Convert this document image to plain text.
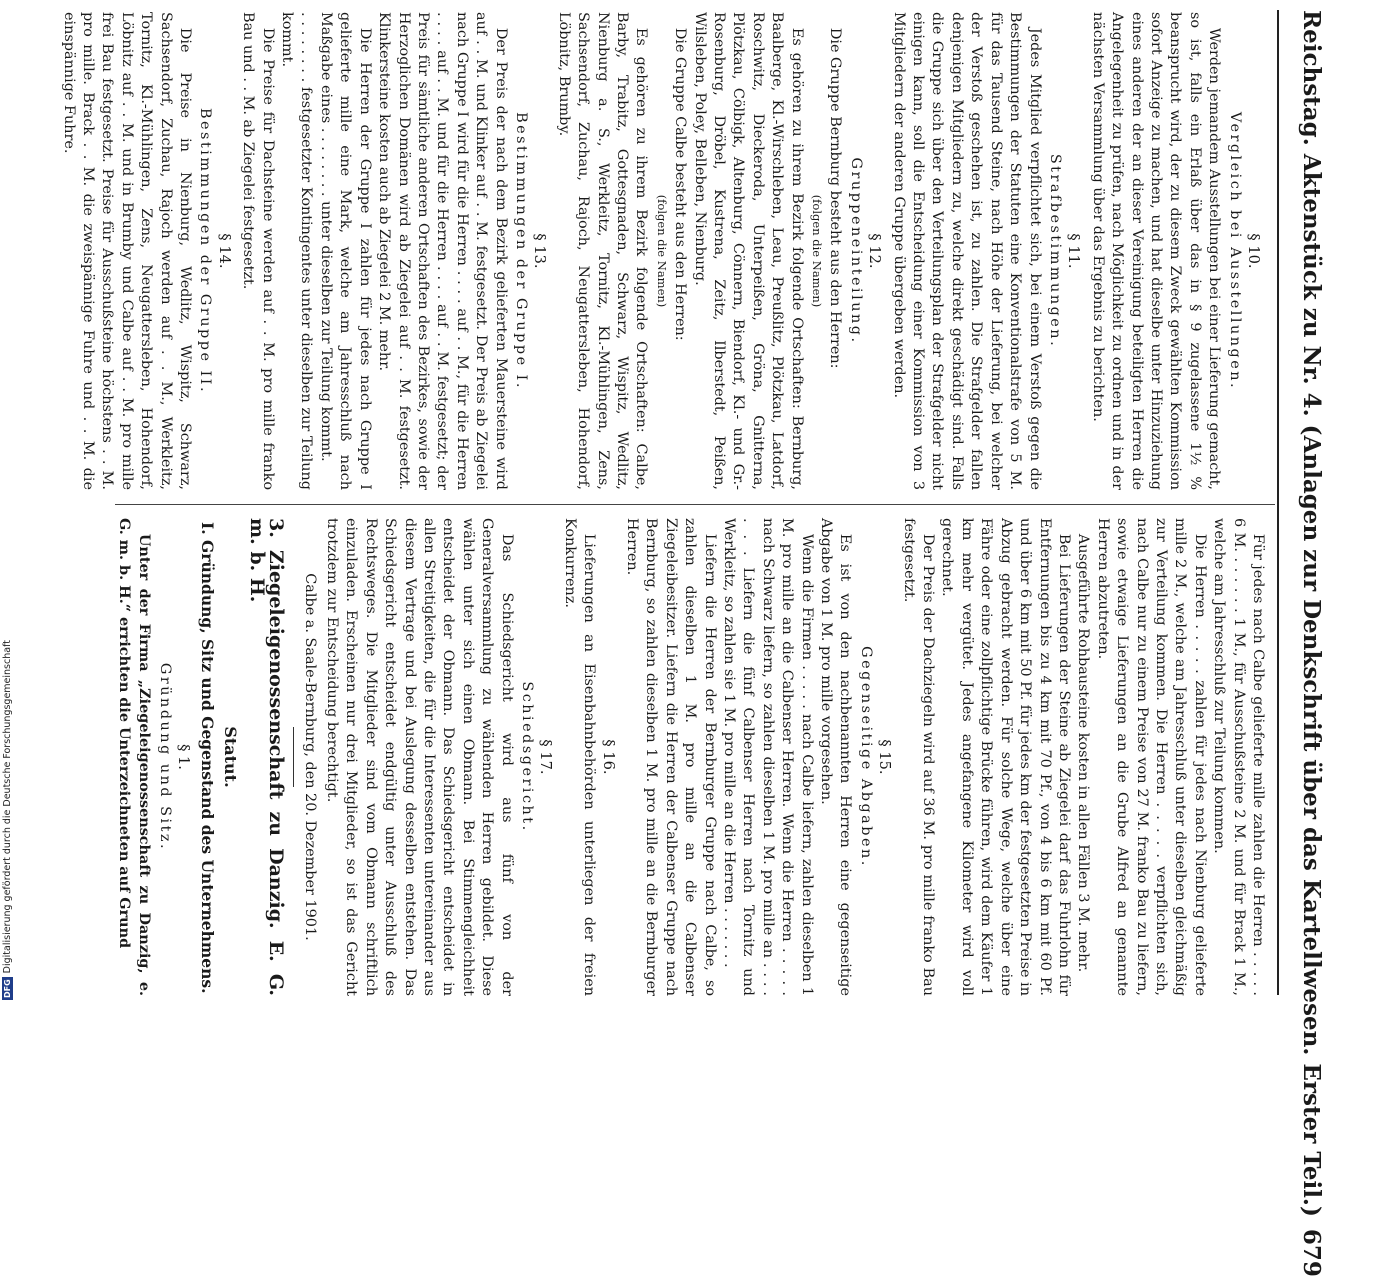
Reichstag. Aktenstück zu Nr. 4. (Anlagen zur Denkschrift über das Kartellwesen. Erster Teil.)
679
§ 10.
Vergleich bei Ausstellungen.

Werden jemandem Ausstellungen bei einer Lieferung gemacht, so ist, falls ein Erlaß über das in § 9 zugelassene 1½ % beansprucht wird, der zu diesem Zweck gewählten Kommission sofort Anzeige zu machen, und hat dieselbe unter Hinzuziehung eines anderen der an dieser Vereinigung beteiligten Herren die Angelegenheit zu prüfen, nach Möglichkeit zu ordnen und in der nächsten Versammlung über das Ergebnis zu berichten.

§ 11.
Strafbestimmungen.

Jedes Mitglied verpflichtet sich, bei einem Verstoß gegen die Bestimmungen der Statuten eine Konventionalstrafe von 5 M. für das Tausend Steine, nach Höhe der Lieferung, bei welcher der Verstoß geschehen ist, zu zahlen. Die Strafgelder fallen denjenigen Mitgliedern zu, welche direkt geschädigt sind. Falls die Gruppe sich über den Verteilungsplan der Strafgelder nicht einigen kann, soll die Entscheidung einer Kommission von 3 Mitgliedern der anderen Gruppe übergeben werden.

§ 12.
Gruppeneinteilung.

Die Gruppe Bernburg besteht aus den Herren:

(folgen die Namen)

Es gehören zu ihrem Bezirk folgende Ortschaften: Bernburg, Baalberge, Kl.-Wirschleben, Leau, Preußlitz, Plötzkau, Latdorf, Roschwitz, Dieckeroda, Unterpeißen, Gröna, Gnitterna, Plötzkau, Cölbigk, Altenburg, Cönnern, Biendorf, Kl.- und Gr.-Rosenburg, Dröbel, Kustrena, Zeitz, Ilberstedt, Peißen, Wilsleben, Poley, Belleben, Nienburg.

Die Gruppe Calbe besteht aus den Herren:

(folgen die Namen)

Es gehören zu ihrem Bezirk folgende Ortschaften: Calbe, Barby, Trabitz, Gottesgnaden, Schwarz, Wispitz, Wedlitz, Nienburg a. S., Werkleitz, Tornitz, Kl.-Mühlingen, Zens, Sachsendorf, Zuchau, Rajoch, Neugattersleben, Hohendorf, Löbnitz, Brumby.

§ 13.
Bestimmungen der Gruppe I.

Der Preis der nach dem Bezirk gelieferten Mauersteine wird auf . . M. und Klinker auf . . M. festgesetzt. Der Preis ab Ziegelei nach Gruppe I wird für die Herren . . . . auf . . M., für die Herren . . . . auf . . M. und für die Herren . . . . auf . . M. festgesetzt; der Preis für sämtliche anderen Ortschaften des Bezirkes, sowie der Herzoglichen Domänen wird ab Ziegelei auf . . M. festgesetzt. Klinkersteine kosten auch ab Ziegelei 2 M. mehr.

Die Herren der Gruppe I zahlen für jedes nach Gruppe I gelieferte mille eine Mark, welche am Jahresschluß nach Maßgabe eines . . . . . . . . unter dieselben zur Teilung kommt.

. . . . . . . . festgesetzter Kontingentes unter dieselben zur Teilung kommt.

Die Preise für Dachsteine werden auf . . M. pro mille franko Bau und . . M. ab Ziegelei festgesetzt.

§ 14.
Bestimmungen der Gruppe II.

Die Preise in Nienburg, Wedlitz, Wispitz, Schwarz, Sachsendorf, Zuchau, Rajoch werden auf . . M., Werkleitz, Tornitz, Kl.-Mühlingen, Zens, Neugattersleben, Hohendorf, Löbnitz auf . . M. und in Brumby und Calbe auf . . M. pro mille frei Bau festgesetzt. Preise für Ausschußsteine höchstens . . M. pro mille. Brack . . M. die zweispännige Fuhre und . . M. die einspännige Fuhre.

Für jedes nach Calbe gelieferte mille zahlen die Herren . . . . . 6 M. . . . . . . 1 M., für Ausschußsteine 2 M. und für Brack 1 M., welche am Jahresschluß zur Teilung kommen.

Die Herren . . . . . zahlen für jedes nach Nienburg gelieferte mille 2 M., welche am Jahresschluß unter dieselben gleichmäßig zur Verteilung kommen. Die Herren . . . . . verpflichten sich, nach Calbe nur zu einem Preise von 27 M. franko Bau zu liefern, sowie etwaige Lieferungen an die Grube Alfred an genannte Herren abzutreten.

Ausgeführte Rohbausteine kosten in allen Fällen 3 M. mehr.

Bei Lieferungen der Steine ab Ziegelei darf das Fuhrlohn für Entfernungen bis zu 4 km mit 70 Pf., von 4 bis 6 km mit 60 Pf. und über 6 km mit 50 Pf. für jedes km der festgesetzten Preise in Abzug gebracht werden. Für solche Wege, welche über eine Fähre oder eine zollpflichtige Brücke führen, wird dem Käufer 1 km mehr vergütet. Jedes angefangene Kilometer wird voll gerechnet.

Der Preis der Dachziegeln wird auf 36 M. pro mille franko Bau festgesetzt.

§ 15.
Gegenseitige Abgaben.

Es ist von den nachbenannten Herren eine gegenseitige Abgabe von 1 M. pro mille vorgesehen.

Wenn die Firmen . . . . . nach Calbe liefern, zahlen dieselben 1 M. pro mille an die Calbenser Herren. Wenn die Herren . . . . . nach Schwarz liefern, so zahlen dieselben 1 M. pro mille an . . . . . . . Liefern die fünf Calbenser Herren nach Tornitz und Werkleitz, so zahlen sie 1 M. pro mille an die Herren . . . . . . .

Liefern die Herren der Bernburger Gruppe nach Calbe, so zahlen dieselben 1 M. pro mille an die Calbenser Ziegeleibesitzer. Liefern die Herren der Calbenser Gruppe nach Bernburg, so zahlen dieselben 1 M. pro mille an die Bernburger Herren.

§ 16.

Lieferungen an Eisenbahnbehörden unterliegen der freien Konkurrenz.

§ 17.
Schiedsgericht.

Das Schiedsgericht wird aus fünf von der Generalversammlung zu wählenden Herren gebildet. Diese wählen unter sich einen Obmann. Bei Stimmengleichheit entscheidet der Obmann. Das Schiedsgericht entscheidet in allen Streitigkeiten, die für die Interessenten untereinander aus diesem Vertrage und bei Auslegung desselben entstehen. Das Schiedsgericht entscheidet endgültig unter Ausschluß des Rechtsweges. Die Mitglieder sind vom Obmann schriftlich einzuladen. Erscheinen nur drei Mitglieder, so ist das Gericht trotzdem zur Entscheidung berechtigt.

Calbe a. Saale-Bernburg, den 20. Dezember 1901.
3. Ziegeleigenossenschaft zu Danzig. E. G. m. b. H.
Statut.
I. Gründung, Sitz und Gegenstand des Unternehmens.
§ 1.
Gründung und Sitz.

Unter der Firma „Ziegeleigenossenschaft zu Danzig, e. G. m. b. H.“ errichten die Unterzeichneten auf Grund

DFG
Digitalisierung gefördert durch die Deutsche Forschungsgemeinschaft
